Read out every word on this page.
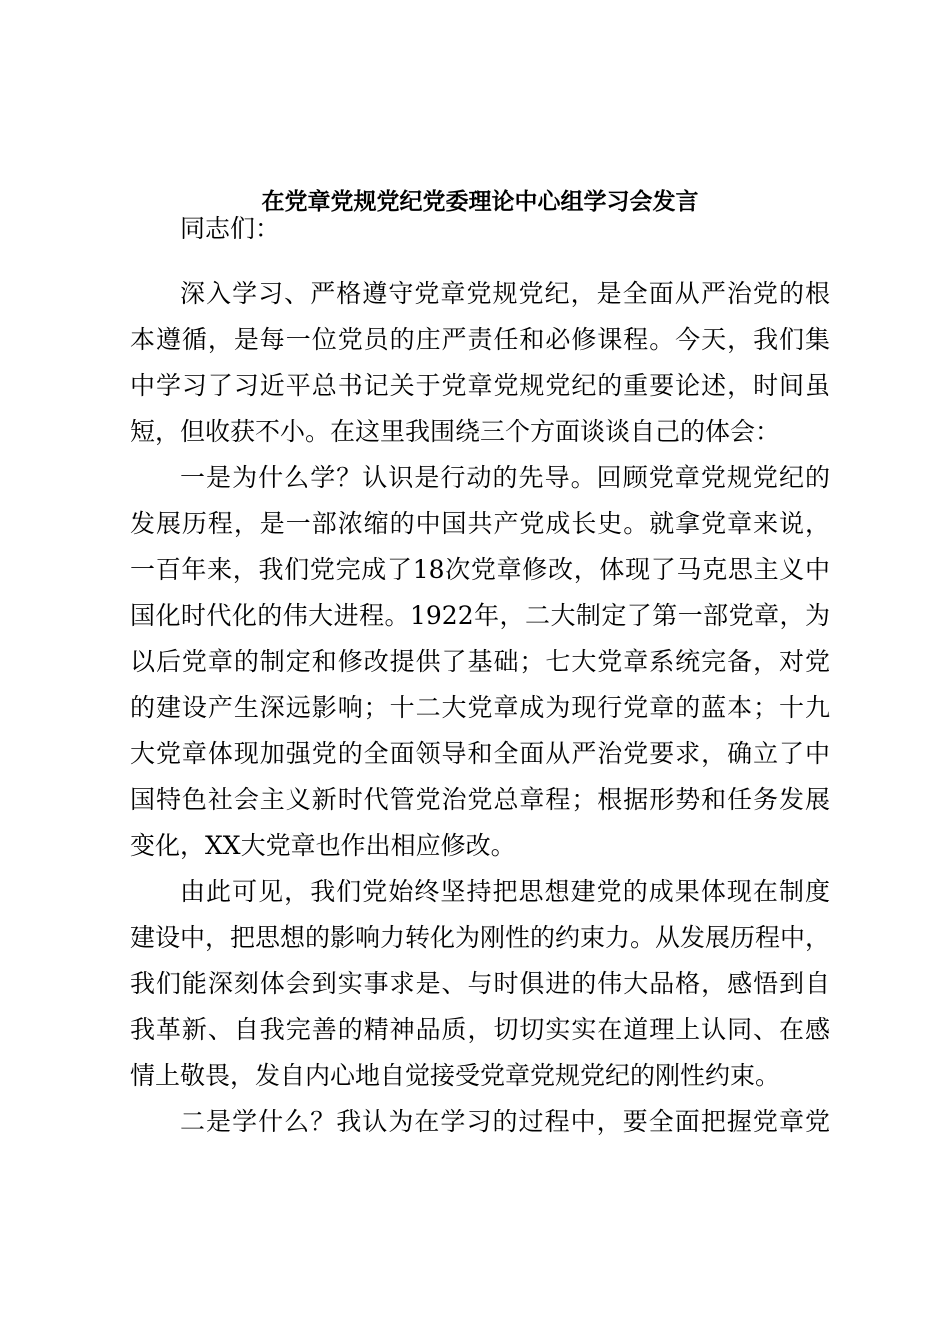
在党章党规党纪党委理论中心组学习会发言
同志们：
深入学习、严格遵守党章党规党纪，是全面从严治党的根
本遵循，是每一位党员的庄严责任和必修课程。今天，我们集
中学习了习近平总书记关于党章党规党纪的重要论述，时间虽
短，但收获不小。在这里我围绕三个方面谈谈自己的体会：
一是为什么学？认识是行动的先导。回顾党章党规党纪的
发展历程，是一部浓缩的中国共产党成长史。就拿党章来说，
一百年来，我们党完成了18次党章修改，体现了马克思主义中
国化时代化的伟大进程。1922年，二大制定了第一部党章，为
以后党章的制定和修改提供了基础；七大党章系统完备，对党
的建设产生深远影响；十二大党章成为现行党章的蓝本；十九
大党章体现加强党的全面领导和全面从严治党要求，确立了中
国特色社会主义新时代管党治党总章程；根据形势和任务发展
变化，XX大党章也作出相应修改。
由此可见，我们党始终坚持把思想建党的成果体现在制度
建设中，把思想的影响力转化为刚性的约束力。从发展历程中，
我们能深刻体会到实事求是、与时俱进的伟大品格，感悟到自
我革新、自我完善的精神品质，切切实实在道理上认同、在感
情上敬畏，发自内心地自觉接受党章党规党纪的刚性约束。
二是学什么？我认为在学习的过程中，要全面把握党章党
